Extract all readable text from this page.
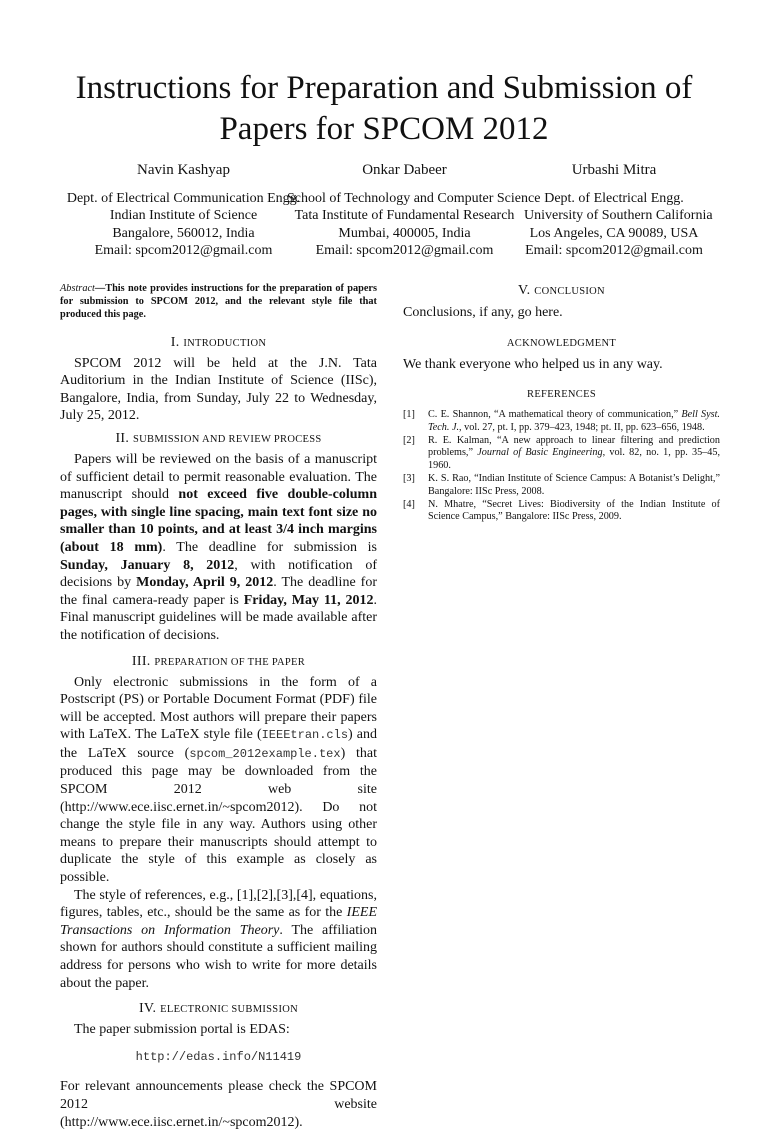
Instructions for Preparation and Submission of Papers for SPCOM 2012
Navin Kashyap
Dept. of Electrical Communication Engg.
Indian Institute of Science
Bangalore, 560012, India
Email: spcom2012@gmail.com
Onkar Dabeer
School of Technology and Computer Science
Tata Institute of Fundamental Research
Mumbai, 400005, India
Email: spcom2012@gmail.com
Urbashi Mitra
Dept. of Electrical Engg.
University of Southern California
Los Angeles, CA 90089, USA
Email: spcom2012@gmail.com

Abstract—This note provides instructions for the preparation of papers for submission to SPCOM 2012, and the relevant style file that produced this page.

I. INTRODUCTION

SPCOM 2012 will be held at the J.N. Tata Auditorium in the Indian Institute of Science (IISc), Bangalore, India, from Sunday, July 22 to Wednesday, July 25, 2012.

II. SUBMISSION AND REVIEW PROCESS

Papers will be reviewed on the basis of a manuscript of sufficient detail to permit reasonable evaluation. The manuscript should not exceed five double-column pages, with single line spacing, main text font size no smaller than 10 points, and at least 3/4 inch margins (about 18 mm). The deadline for submission is Sunday, January 8, 2012, with notification of decisions by Monday, April 9, 2012. The deadline for the final camera-ready paper is Friday, May 11, 2012. Final manuscript guidelines will be made available after the notification of decisions.

III. PREPARATION OF THE PAPER

Only electronic submissions in the form of a Postscript (PS) or Portable Document Format (PDF) file will be accepted. Most authors will prepare their papers with LaTeX. The LaTeX style file (IEEEtran.cls) and the LaTeX source (spcom_2012example.tex) that produced this page may be downloaded from the SPCOM 2012 web site (http://www.ece.iisc.ernet.in/~spcom2012). Do not change the style file in any way. Authors using other means to prepare their manuscripts should attempt to duplicate the style of this example as closely as possible.

The style of references, e.g., [1],[2],[3],[4], equations, figures, tables, etc., should be the same as for the IEEE Transactions on Information Theory. The affiliation shown for authors should constitute a sufficient mailing address for persons who wish to write for more details about the paper.

IV. ELECTRONIC SUBMISSION

The paper submission portal is EDAS:

http://edas.info/N11419

For relevant announcements please check the SPCOM 2012 website (http://www.ece.iisc.ernet.in/~spcom2012).

V. CONCLUSION

Conclusions, if any, go here.

ACKNOWLEDGMENT

We thank everyone who helped us in any way.

REFERENCES
[1] C. E. Shannon, “A mathematical theory of communication,” Bell Syst. Tech. J., vol. 27, pt. I, pp. 379–423, 1948; pt. II, pp. 623–656, 1948.
[2] R. E. Kalman, “A new approach to linear filtering and prediction problems,” Journal of Basic Engineering, vol. 82, no. 1, pp. 35–45, 1960.
[3] K. S. Rao, “Indian Institute of Science Campus: A Botanist’s Delight,” Bangalore: IISc Press, 2008.
[4] N. Mhatre, “Secret Lives: Biodiversity of the Indian Institute of Science Campus,” Bangalore: IISc Press, 2009.
